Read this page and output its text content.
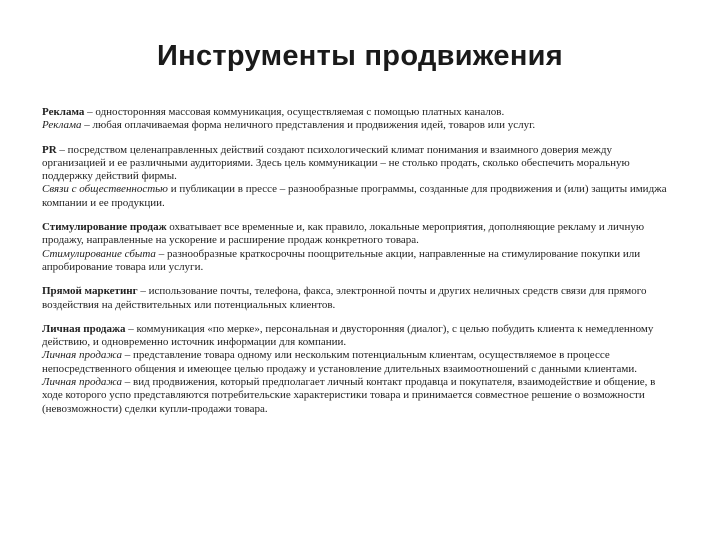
Инструменты продвижения

Реклама – односторонняя массовая коммуникация, осуществляемая с помощью платных каналов.

Реклама – любая оплачиваемая форма неличного представления и продвижения идей, товаров или услуг.

PR – посредством целенаправленных действий создают психологический климат понимания и взаимного доверия между организацией и ее различными аудиториями. Здесь цель коммуникации – не столько продать, сколько обеспечить моральную поддержку действий фирмы.

Связи с общественностью и публикации в прессе – разнообразные программы, созданные для продвижения и (или) защиты имиджа компании и ее продукции.

Стимулирование продаж охватывает все временные и, как правило, локальные мероприятия, дополняющие рекламу и личную продажу, направленные на ускорение и расширение продаж конкретного товара.

Стимулирование сбыта – разнообразные краткосрочны поощрительные акции, направленные на стимулирование покупки или апробирование товара или услуги.

Прямой маркетинг – использование почты, телефона, факса, электронной почты и других неличных средств связи для прямого воздействия на действительных или потенциальных клиентов.

Личная продажа – коммуникация «по мерке», персональная и двусторонняя (диалог), с целью побудить клиента к немедленному действию, и одновременно источник информации для компании.

Личная продажа – представление товара одному или нескольким потенциальным клиентам, осуществляемое в процессе непосредственного общения и имеющее целью продажу и установление длительных взаимоотношений с данными клиентами.

Личная продажа – вид продвижения, который предполагает личный контакт продавца и покупателя, взаимодействие и общение, в ходе которого успо представляются потребительские характеристики товара и принимается совместное решение о возможности (невозможности) сделки купли-продажи товара.
